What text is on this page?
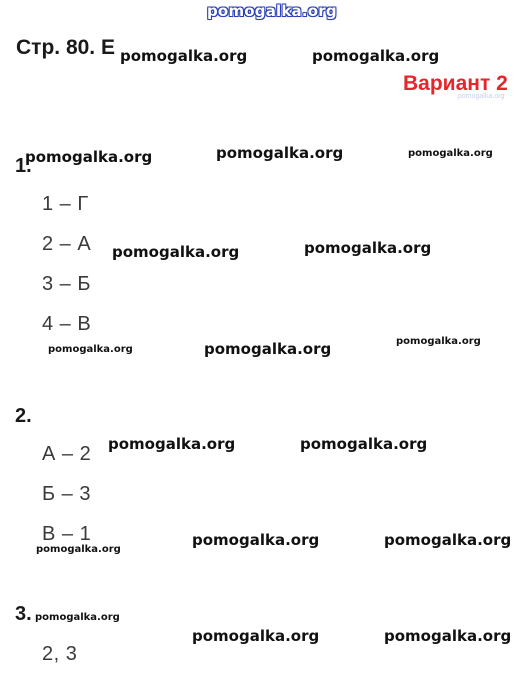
pomogalka.org
Стр. 80. Е
Вариант 2
1.
1 – Г
2 – А
3 – Б
4 – В
2.
А – 2
Б – 3
В – 1
3.
2, 3
pomogalka.org
pomogalka.org	pomogalka.org
pomogalka.org	pomogalka.org	pomogalka.org
pomogalka.org	pomogalka.org
pomogalka.org	pomogalka.org	pomogalka.org
pomogalka.org	pomogalka.org
pomogalka.org
pomogalka.org	pomogalka.org
pomogalka.org
pomogalka.org	pomogalka.org
